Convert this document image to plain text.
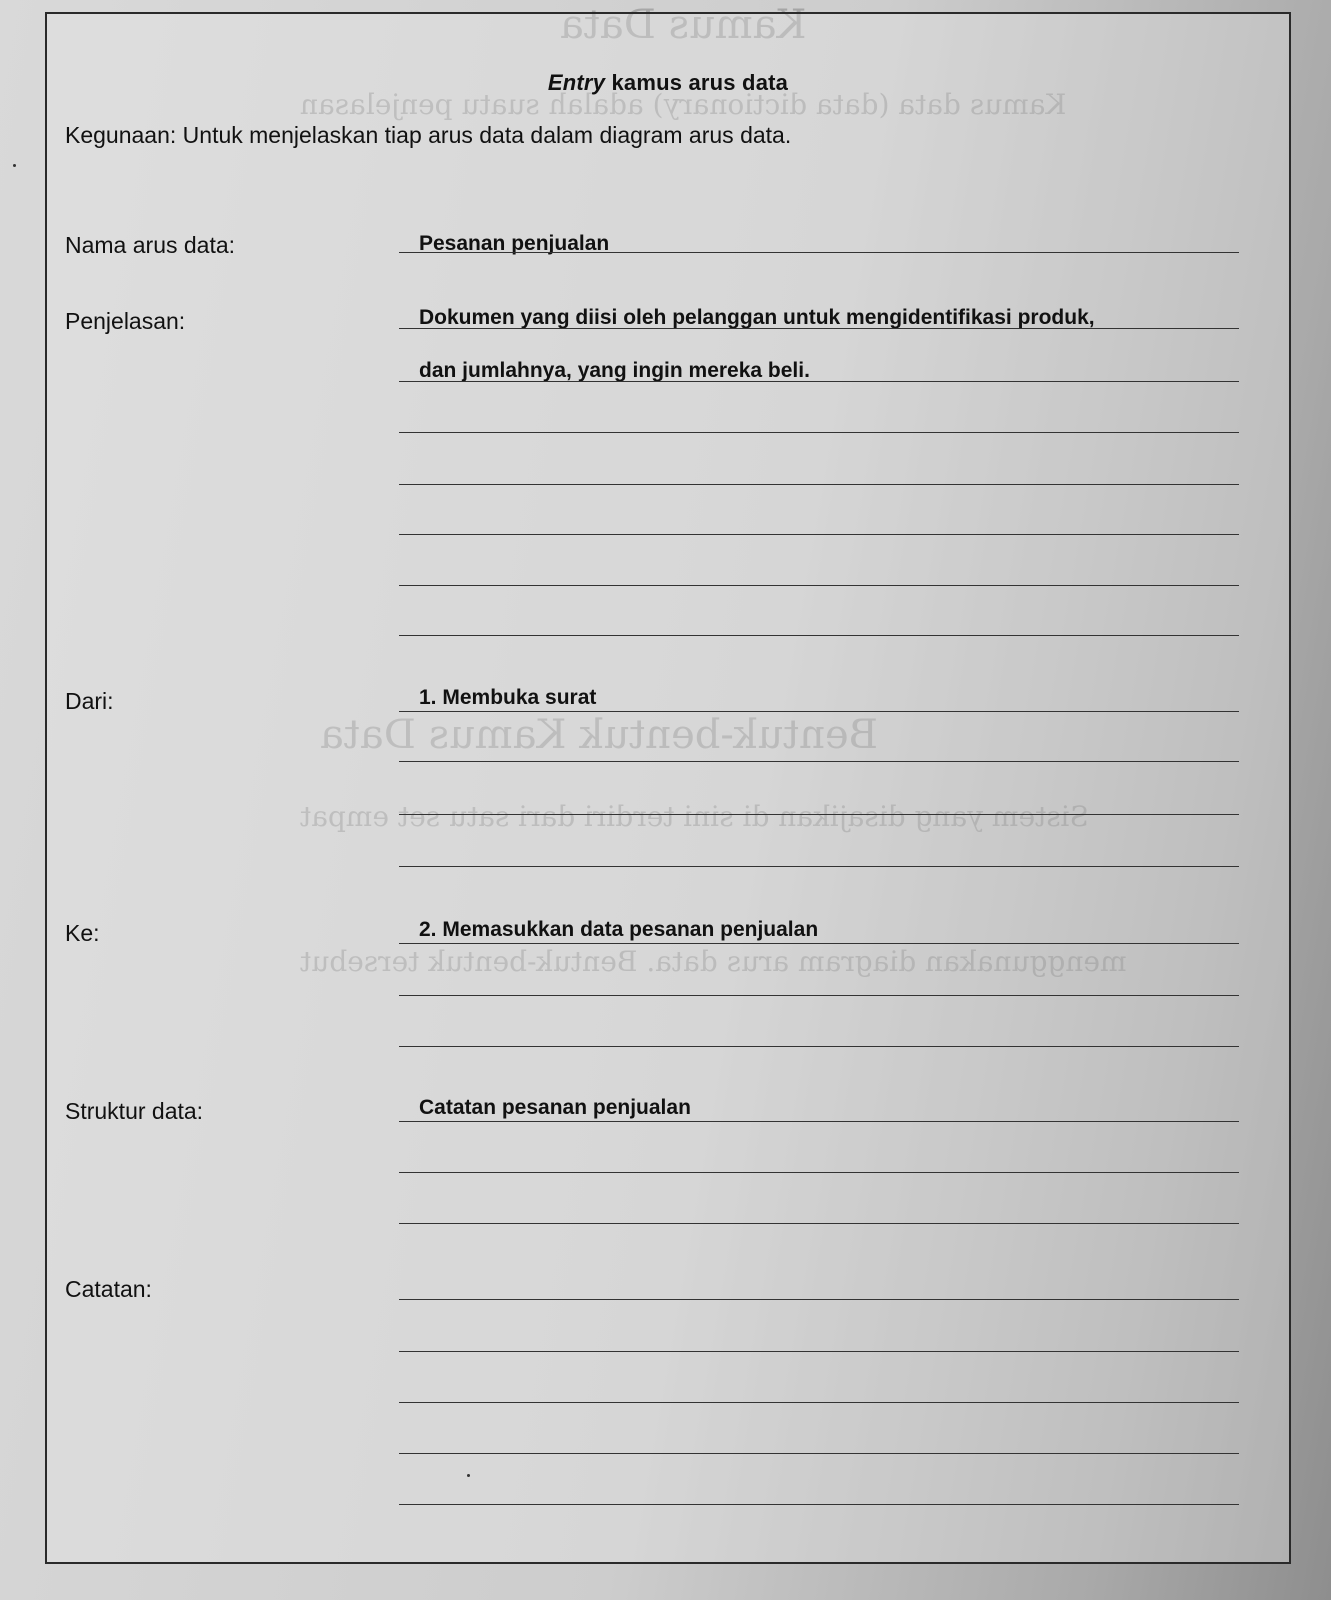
Kamus Data
Bentuk-bentuk Kamus Data
Kamus data (data dictionary) adalah suatu penjelasan
Sistem yang disajikan di sini terdiri dari satu set empat
menggunakan diagram arus data. Bentuk-bentuk tersebut
Entry kamus arus data
Kegunaan: Untuk menjelaskan tiap arus data dalam diagram arus data.
Nama arus data:	Pesanan penjualan
Penjelasan:	Dokumen yang diisi oleh pelanggan untuk mengidentifikasi produk,
dan jumlahnya, yang ingin mereka beli.
Dari:	1. Membuka surat
Ke:	2. Memasukkan data pesanan penjualan
Struktur data:	Catatan pesanan penjualan
Catatan:
